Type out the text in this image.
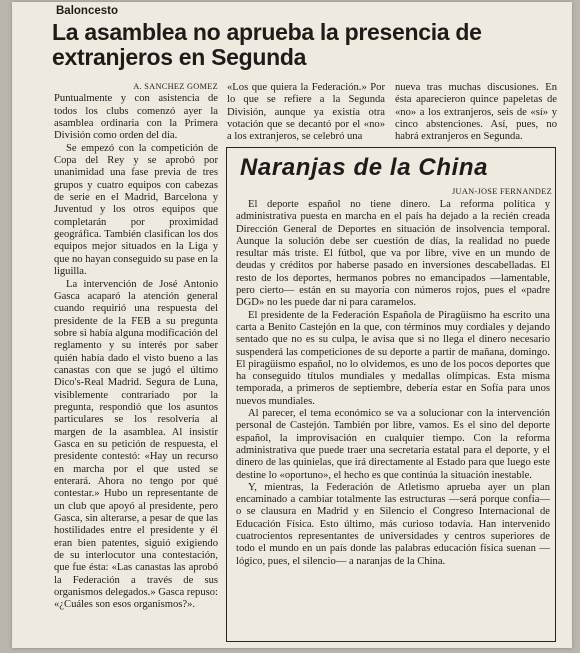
Baloncesto
La asamblea no aprueba la presencia de extranjeros en Segunda

A. SANCHEZ GOMEZ

Puntualmente y con asistencia de todos los clubs comenzó ayer la asamblea ordinaria con la Primera División como orden del día.

Se empezó con la competición de Copa del Rey y se aprobó por unanimidad una fase previa de tres grupos y cuatro equipos con cabezas de serie en el Madrid, Barcelona y Juventud y los otros equipos que completarán por proximidad geográfica. También clasifican los dos equipos mejor situados en la Liga y que no hayan conseguido su pase en la liguilla.

La intervención de José Antonio Gasca acaparó la atención general cuando requirió una respuesta del presidente de la FEB a su pregunta sobre si había alguna modificación del reglamento y su interés por saber quién había dado el visto bueno a las canastas con que se jugó el último Dico's-Real Madrid. Segura de Luna, visiblemente contrariado por la pregunta, respondió que los asuntos particulares se los resolvería al margen de la asamblea. Al insistir Gasca en su petición de respuesta, el presidente contestó: «Hay un recurso en marcha por el que usted se enterará. Ahora no tengo por qué contestar.» Hubo un representante de un club que apoyó al presidente, pero Gasca, sin alterarse, a pesar de que las hostilidades entre el presidente y él eran bien patentes, siguió exigiendo de su interlocutor una contestación, que fue ésta: «Las canastas las aprobó la Federación a través de sus organismos delegados.» Gasca repuso: «¿Cuáles son esos organismos?».

«Los que quiera la Federación.» Por lo que se refiere a la Segunda División, aunque ya existía otra votación que se decantó por el «no» a los extranjeros, se celebró una

nueva tras muchas discusiones. En ésta aparecieron quince papeletas de «no» a los extranjeros, seis de «sí» y cinco abstenciones. Así, pues, no habrá extranjeros en Segunda.

Naranjas de la China
JUAN-JOSE FERNANDEZ

El deporte español no tiene dinero. La reforma política y administrativa puesta en marcha en el país ha dejado a la recién creada Dirección General de Deportes en situación de insolvencia temporal. Aunque la solución debe ser cuestión de días, la realidad no puede resultar más triste. El fútbol, que va por libre, vive en un mundo de deudas y créditos por haberse pasado en inversiones descabelladas. El resto de los deportes, hermanos pobres no emancipados —lamentable, pero cierto— están en su mayoría con números rojos, pues el «padre DGD» no les puede dar ni para caramelos.

El presidente de la Federación Española de Piragüismo ha escrito una carta a Benito Castejón en la que, con términos muy cordiales y dejando sentado que no es su culpa, le avisa que si no llega el dinero necesario suspenderá las competiciones de su deporte a partir de mañana, domingo. El piragüismo español, no lo olvidemos, es uno de los pocos deportes que ha conseguido títulos mundiales y medallas olímpicas. Esta misma temporada, a primeros de septiembre, debería estar en Sofía para unos nuevos mundiales.

Al parecer, el tema económico se va a solucionar con la intervención personal de Castejón. También por libre, vamos. Es el sino del deporte español, la improvisación en cualquier tiempo. Con la reforma administrativa que puede traer una secretaría estatal para el deporte, y el dinero de las quinielas, que irá directamente al Estado para que luego este destine lo «oportuno», el hecho es que continúa la situación inestable.

Y, mientras, la Federación de Atletismo aprueba ayer un plan encaminado a cambiar totalmente las estructuras —será porque confía— o se clausura en Madrid y en Silencio el Congreso Internacional de Educación Física. Esto último, más curioso todavía. Han intervenido cuatrocientos representantes de universidades y centros superiores de todo el mundo en un país donde las palabras educación física suenan —lógico, pues, el silencio— a naranjas de la China.
